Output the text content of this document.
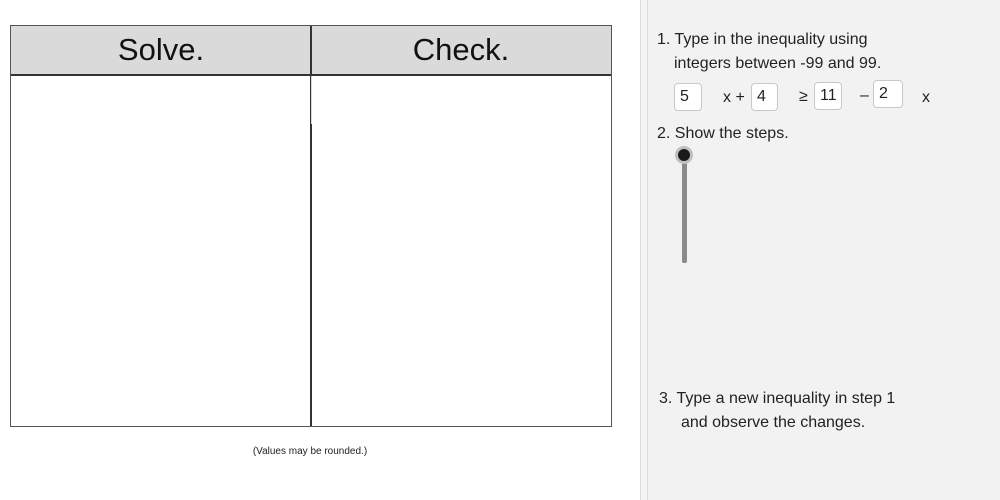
Solve.	Check.
(Values may be rounded.)
1. Type in the inequality using
integers between -99 and 99.
5	x + 4	≥ 11	– 2	x
2. Show the steps.
3. Type a new inequality in step 1
and observe the changes.
